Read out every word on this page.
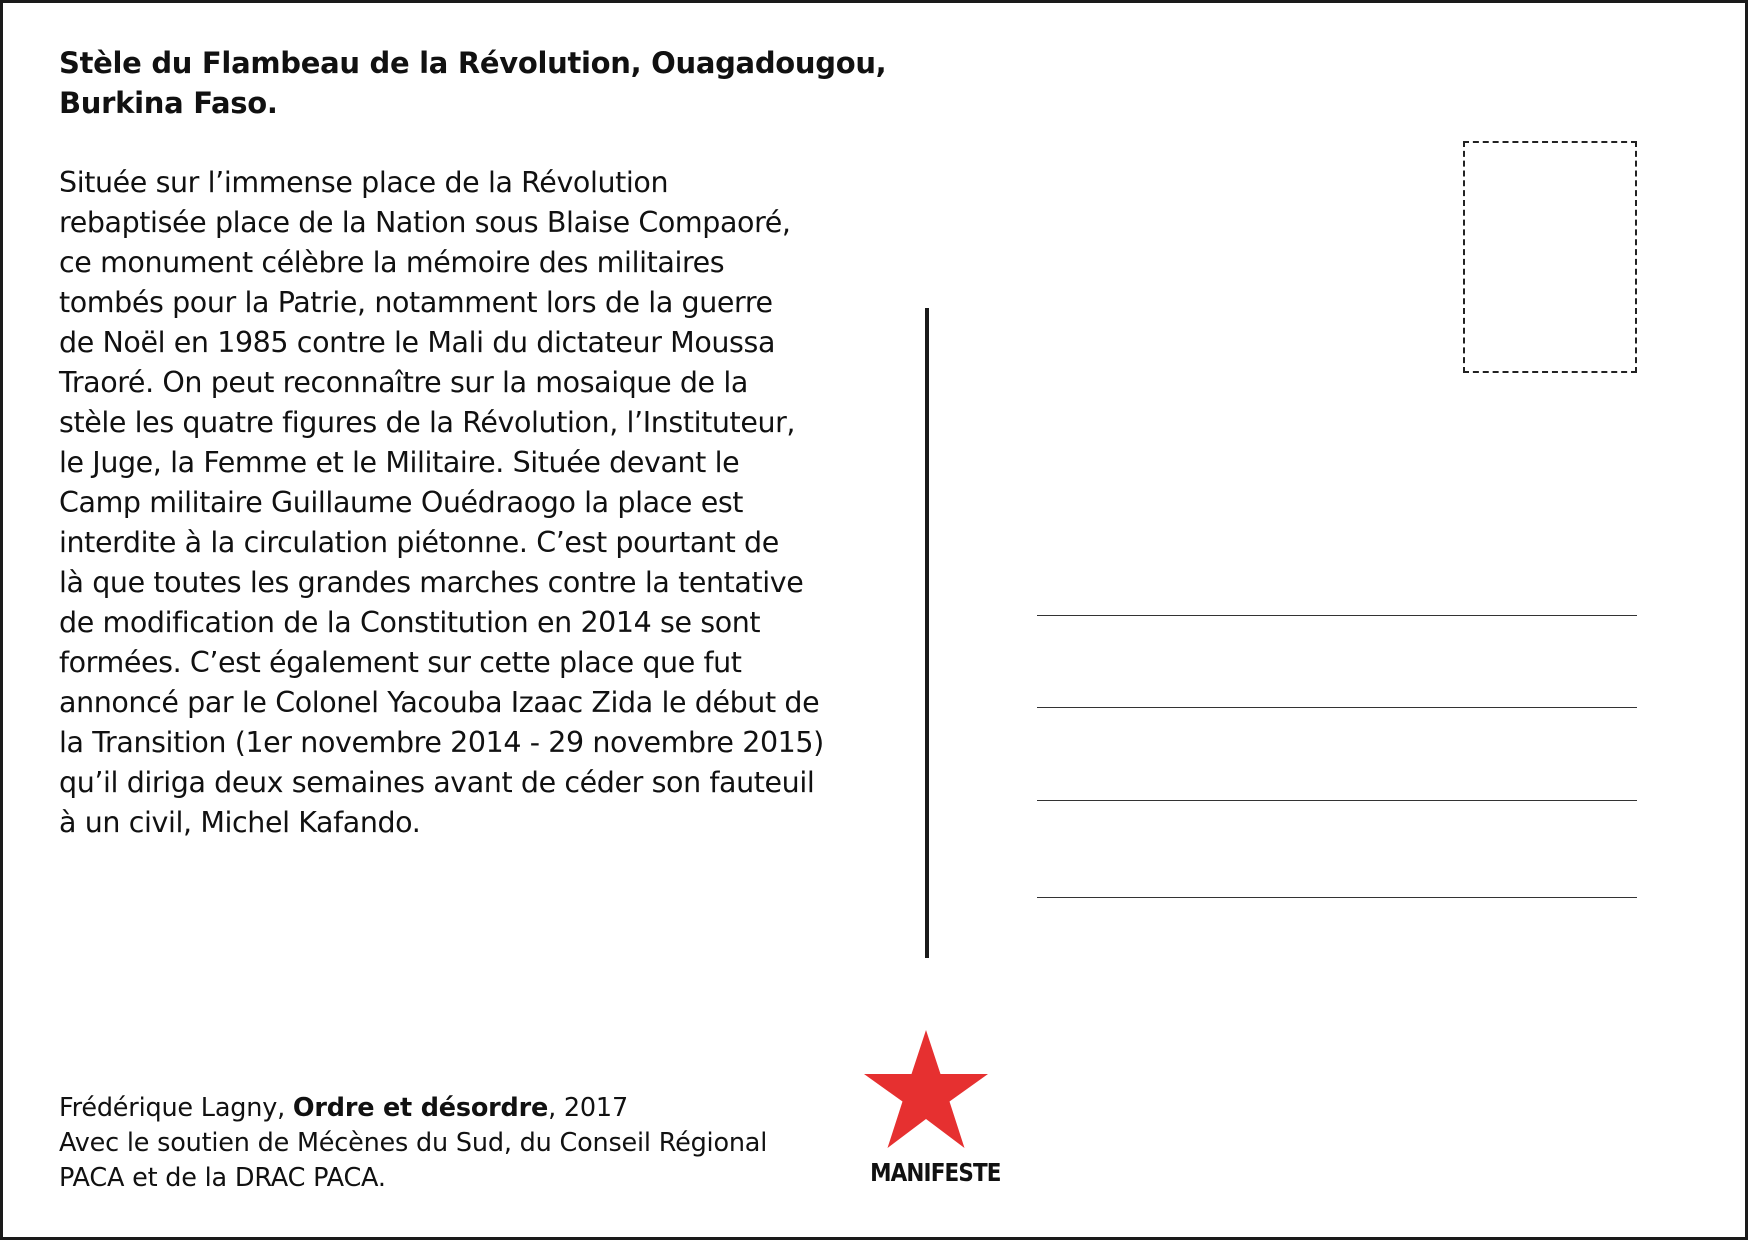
Stèle du Flambeau de la Révolution, Ouagadougou,
Burkina Faso.

Située sur l’immense place de la Révolution
rebaptisée place de la Nation sous Blaise Compaoré,
ce monument célèbre la mémoire des militaires
tombés pour la Patrie, notamment lors de la guerre
de Noël en 1985 contre le Mali du dictateur Moussa
Traoré. On peut reconnaître sur la mosaique de la
stèle les quatre figures de la Révolution, l’Instituteur,
le Juge, la Femme et le Militaire. Située devant le
Camp militaire Guillaume Ouédraogo la place est
interdite à la circulation piétonne. C’est pourtant de
là que toutes les grandes marches contre la tentative
de modification de la Constitution en 2014 se sont
formées. C’est également sur cette place que fut
annoncé par le Colonel Yacouba Izaac Zida le début de
la Transition (1er novembre 2014 - 29 novembre 2015)
qu’il diriga deux semaines avant de céder son fauteuil
à un civil, Michel Kafando.

Frédérique Lagny, Ordre et désordre, 2017
Avec le soutien de Mécènes du Sud, du Conseil Régional
PACA et de la DRAC PACA.	MANIFESTE
